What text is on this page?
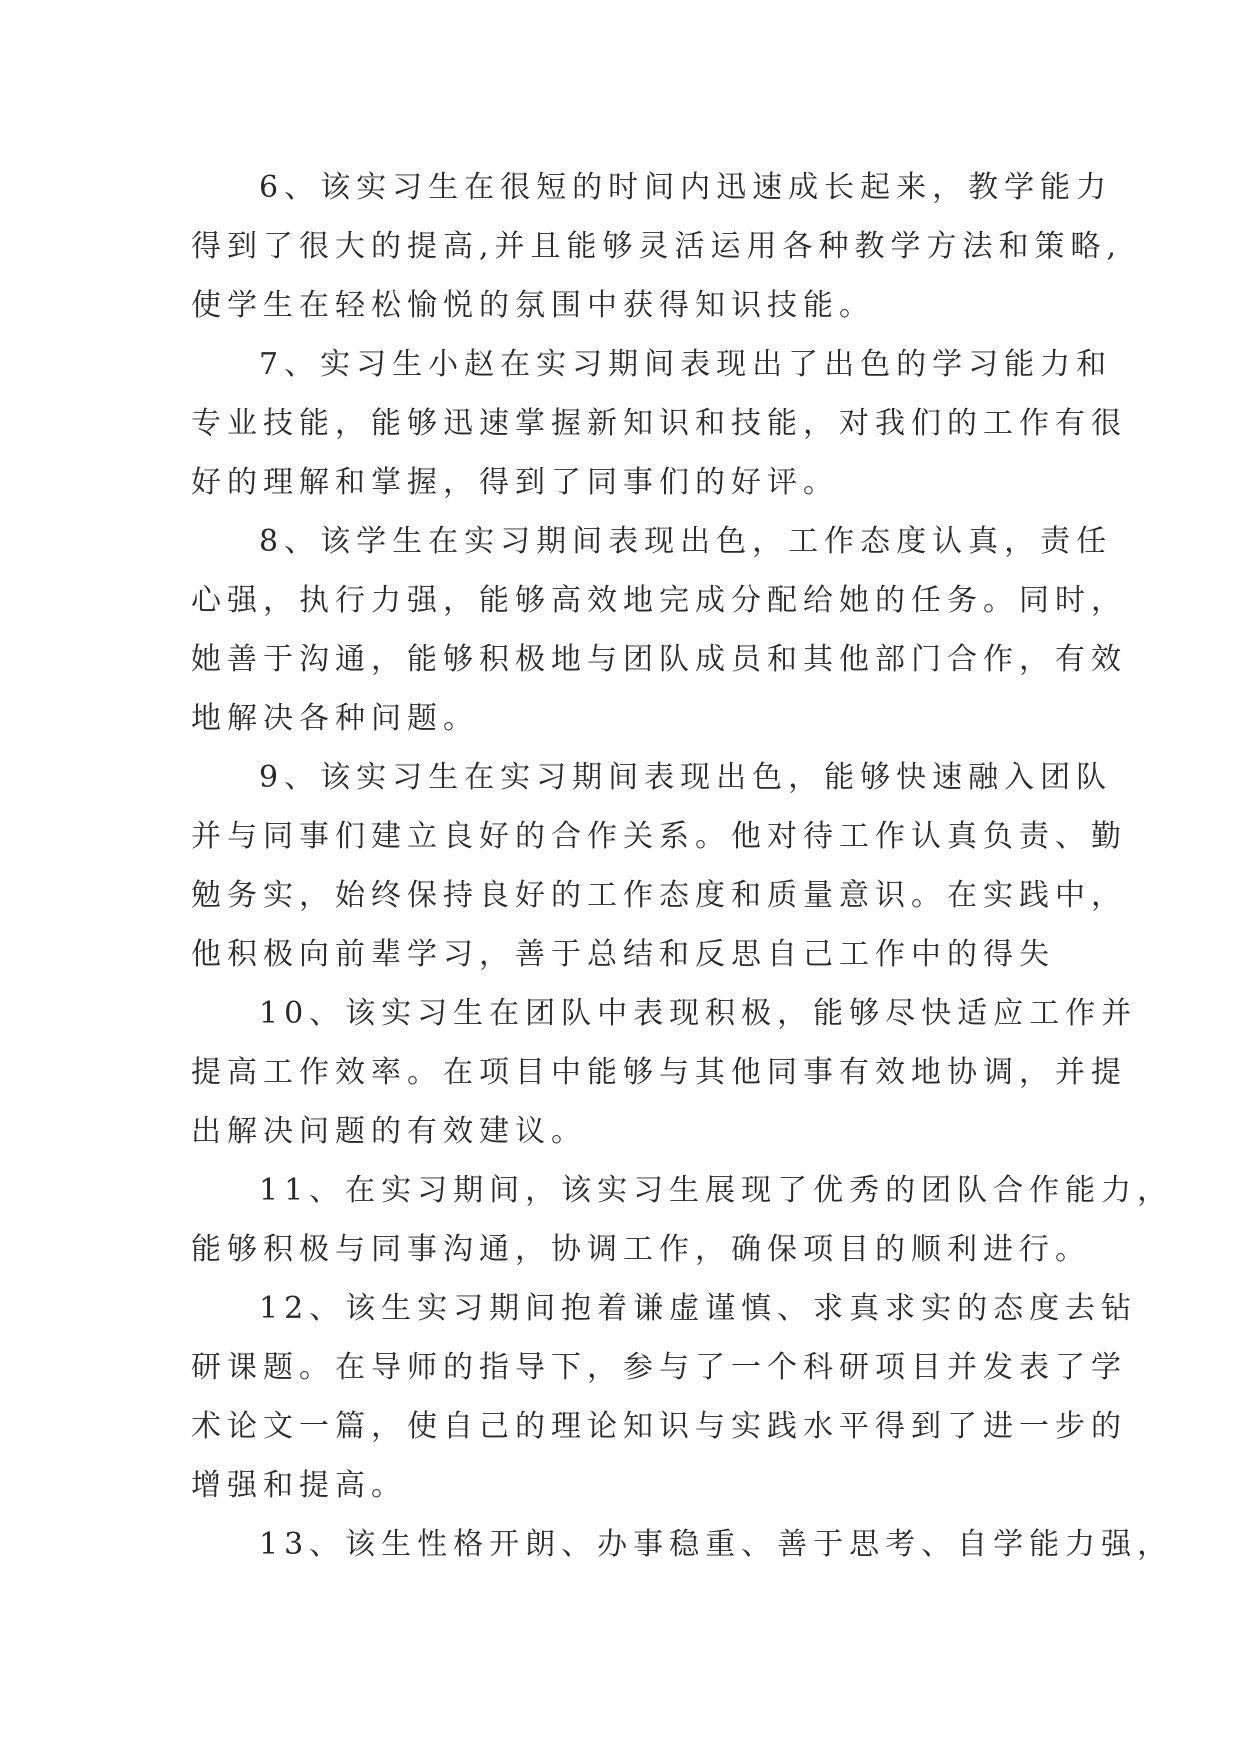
6、该实习生在很短的时间内迅速成长起来，教学能力
得到了很大的提高,并且能够灵活运用各种教学方法和策略,
使学生在轻松愉悦的氛围中获得知识技能。
7、实习生小赵在实习期间表现出了出色的学习能力和
专业技能，能够迅速掌握新知识和技能，对我们的工作有很
好的理解和掌握，得到了同事们的好评。
8、该学生在实习期间表现出色，工作态度认真，责任
心强，执行力强，能够高效地完成分配给她的任务。同时，
她善于沟通，能够积极地与团队成员和其他部门合作，有效
地解决各种问题。
9、该实习生在实习期间表现出色，能够快速融入团队
并与同事们建立良好的合作关系。他对待工作认真负责、勤
勉务实，始终保持良好的工作态度和质量意识。在实践中，
他积极向前辈学习，善于总结和反思自己工作中的得失
10、该实习生在团队中表现积极，能够尽快适应工作并
提高工作效率。在项目中能够与其他同事有效地协调，并提
出解决问题的有效建议。
11、在实习期间，该实习生展现了优秀的团队合作能力，
能够积极与同事沟通，协调工作，确保项目的顺利进行。
12、该生实习期间抱着谦虚谨慎、求真求实的态度去钻
研课题。在导师的指导下，参与了一个科研项目并发表了学
术论文一篇，使自己的理论知识与实践水平得到了进一步的
增强和提高。
13、该生性格开朗、办事稳重、善于思考、自学能力强，
